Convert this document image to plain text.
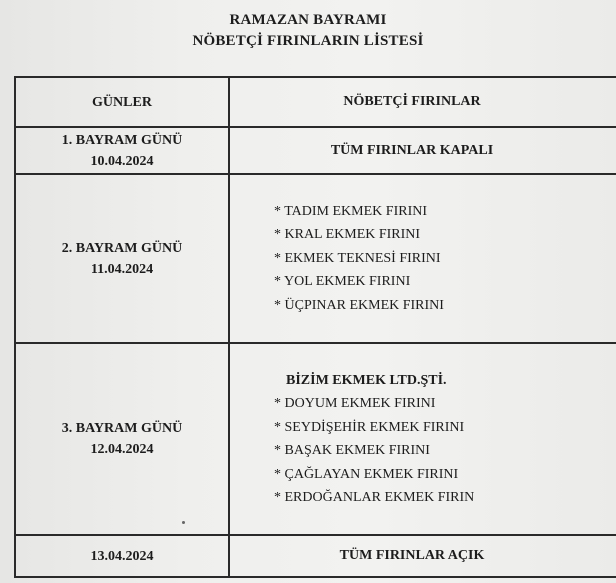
RAMAZAN BAYRAMI
NÖBETÇİ FIRINLARIN LİSTESİ
GÜNLER	NÖBETÇİ FIRINLAR
1. BAYRAM GÜNÜ
10.04.2024
TÜM FIRINLAR KAPALI
2. BAYRAM GÜNÜ
11.04.2024
* TADIM EKMEK FIRINI
* KRAL EKMEK FIRINI
* EKMEK TEKNESİ FIRINI
* YOL EKMEK FIRINI
* ÜÇPINAR EKMEK FIRINI
3. BAYRAM GÜNÜ
12.04.2024
BİZİM EKMEK LTD.ŞTİ.
* DOYUM EKMEK FIRINI
* SEYDİŞEHİR EKMEK FIRINI
* BAŞAK EKMEK FIRINI
* ÇAĞLAYAN EKMEK FIRINI
* ERDOĞANLAR EKMEK FIRIN
13.04.2024	TÜM FIRINLAR AÇIK
